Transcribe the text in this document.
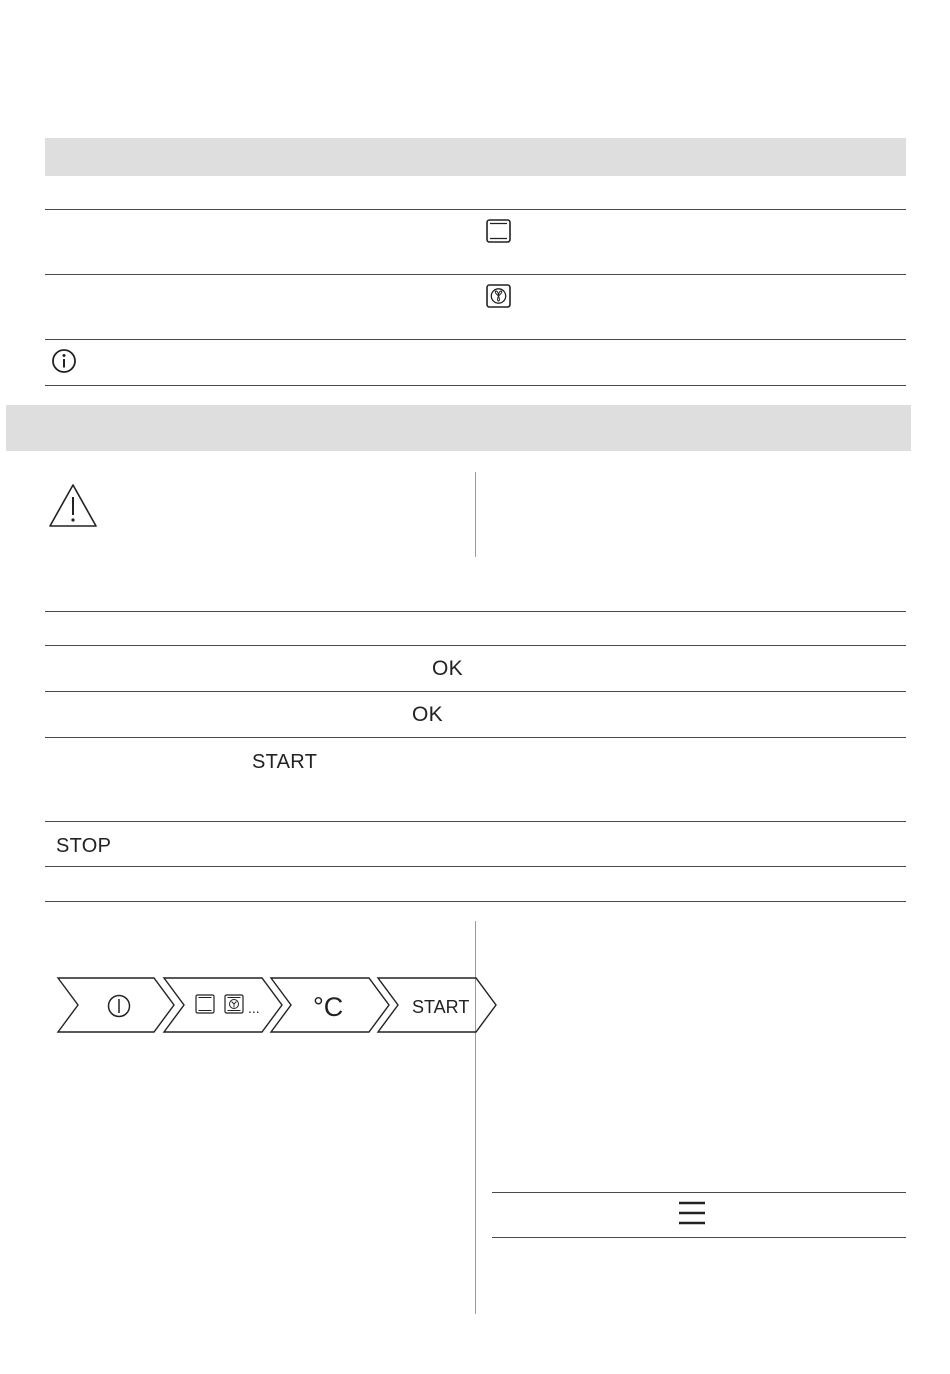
OK
OK
START
STOP
... °C	START
